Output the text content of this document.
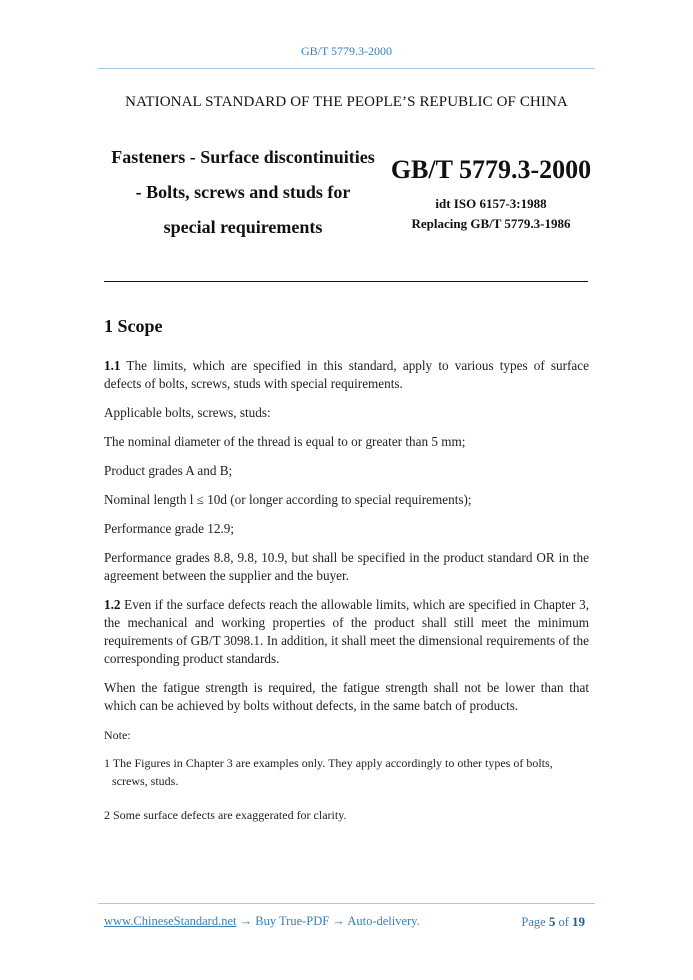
GB/T 5779.3-2000
NATIONAL STANDARD OF THE PEOPLE’S REPUBLIC OF CHINA
Fasteners - Surface discontinuities
- Bolts, screws and studs for
special requirements
GB/T 5779.3-2000
idt ISO 6157-3:1988
Replacing GB/T 5779.3-1986
1 Scope

1.1 The limits, which are specified in this standard, apply to various types of surface defects of bolts, screws, studs with special requirements.

Applicable bolts, screws, studs:

The nominal diameter of the thread is equal to or greater than 5 mm;

Product grades A and B;

Nominal length l ≤ 10d (or longer according to special requirements);

Performance grade 12.9;

Performance grades 8.8, 9.8, 10.9, but shall be specified in the product standard OR in the agreement between the supplier and the buyer.

1.2 Even if the surface defects reach the allowable limits, which are specified in Chapter 3, the mechanical and working properties of the product shall still meet the minimum requirements of GB/T 3098.1. In addition, it shall meet the dimensional requirements of the corresponding product standards.

When the fatigue strength is required, the fatigue strength shall not be lower than that which can be achieved by bolts without defects, in the same batch of products.

Note:

1 The Figures in Chapter 3 are examples only. They apply accordingly to other types of bolts, screws, studs.

2 Some surface defects are exaggerated for clarity.

www.ChineseStandard.net → Buy True-PDF → Auto-delivery.	Page 5 of 19
